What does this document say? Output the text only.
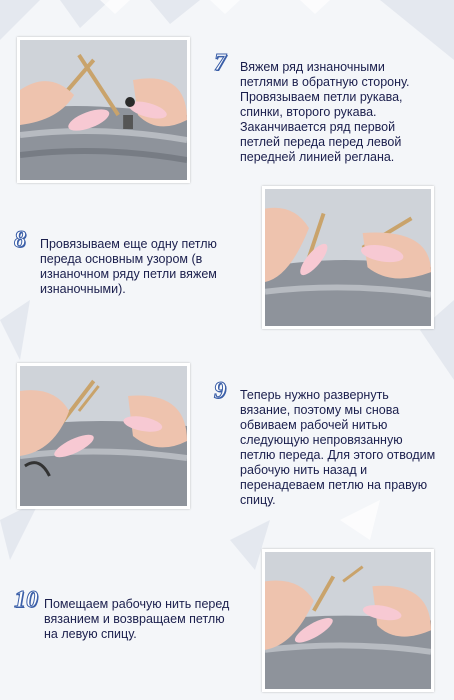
7 Вяжем ряд изнаночными петлями в обратную сторону. Провязываем петли рукава, спинки, второго рукава. Заканчивается ряд первой петлей переда перед левой передней линией реглана.

8 Провязываем еще одну петлю переда основным узором (в изнаночном ряду петли вяжем изнаночными).

9 Теперь нужно развернуть вязание, поэтому мы снова обвиваем рабочей нитью следующую непровязанную петлю переда. Для этого отводим рабочую нить назад и перенадеваем петлю на правую спицу.

10 Помещаем рабочую нить перед вязанием и возвращаем петлю на левую спицу.
